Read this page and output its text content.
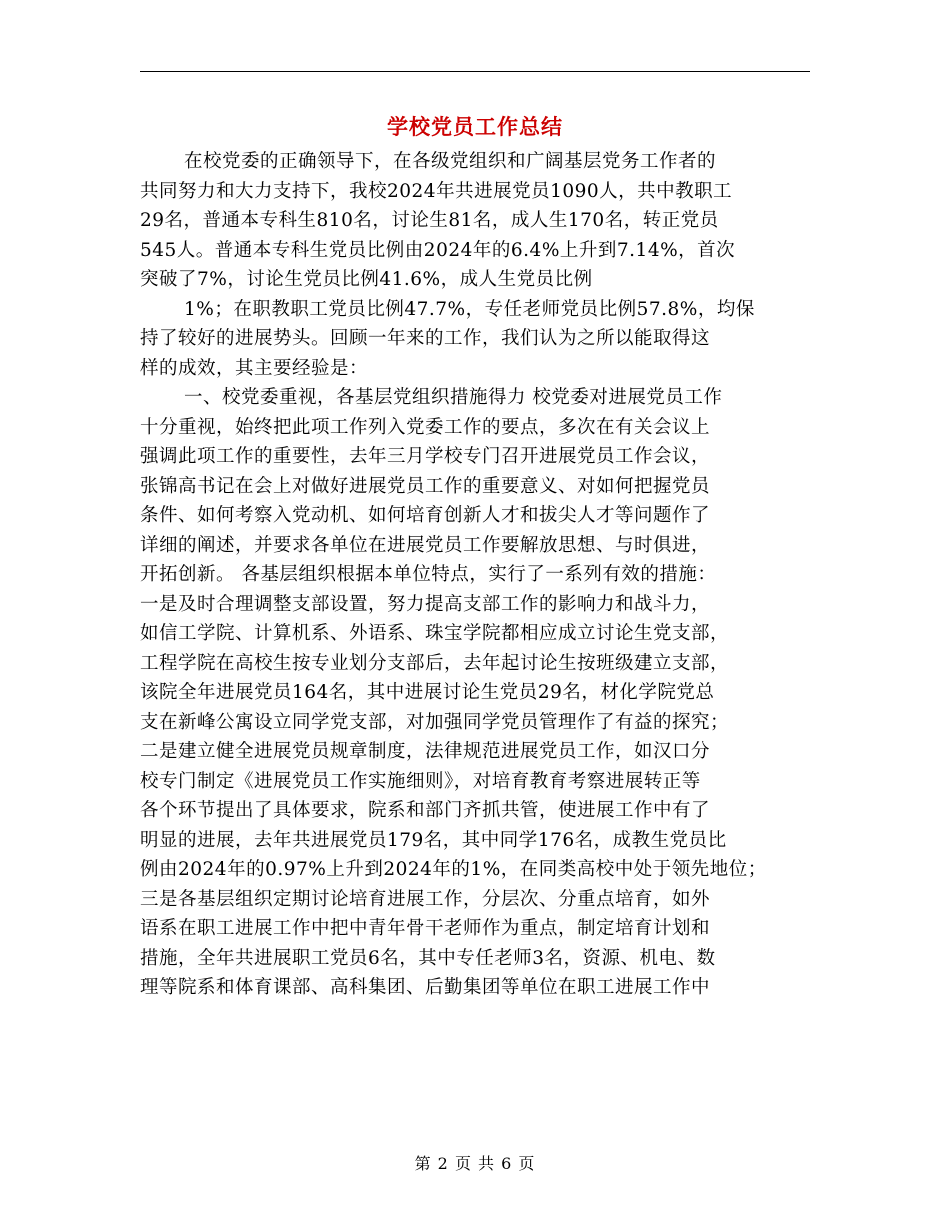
学校党员工作总结
在校党委的正确领导下，在各级党组织和广阔基层党务工作者的
共同努力和大力支持下，我校2024年共进展党员1090人，共中教职工
29名，普通本专科生810名，讨论生81名，成人生170名，转正党员
545人。普通本专科生党员比例由2024年的6.4%上升到7.14%，首次
突破了7%，讨论生党员比例41.6%，成人生党员比例
1%；在职教职工党员比例47.7%，专任老师党员比例57.8%，均保
持了较好的进展势头。回顾一年来的工作，我们认为之所以能取得这
样的成效，其主要经验是：
一、校党委重视，各基层党组织措施得力 校党委对进展党员工作
十分重视，始终把此项工作列入党委工作的要点，多次在有关会议上
强调此项工作的重要性，去年三月学校专门召开进展党员工作会议，
张锦高书记在会上对做好进展党员工作的重要意义、对如何把握党员
条件、如何考察入党动机、如何培育创新人才和拔尖人才等问题作了
详细的阐述，并要求各单位在进展党员工作要解放思想、与时俱进，
开拓创新。 各基层组织根据本单位特点，实行了一系列有效的措施：
一是及时合理调整支部设置，努力提高支部工作的影响力和战斗力，
如信工学院、计算机系、外语系、珠宝学院都相应成立讨论生党支部，
工程学院在高校生按专业划分支部后，去年起讨论生按班级建立支部，
该院全年进展党员164名，其中进展讨论生党员29名，材化学院党总
支在新峰公寓设立同学党支部，对加强同学党员管理作了有益的探究；
二是建立健全进展党员规章制度，法律规范进展党员工作，如汉口分
校专门制定《进展党员工作实施细则》，对培育教育考察进展转正等
各个环节提出了具体要求，院系和部门齐抓共管，使进展工作中有了
明显的进展，去年共进展党员179名，其中同学176名，成教生党员比
例由2024年的0.97%上升到2024年的1%，在同类高校中处于领先地位；
三是各基层组织定期讨论培育进展工作，分层次、分重点培育，如外
语系在职工进展工作中把中青年骨干老师作为重点，制定培育计划和
措施，全年共进展职工党员6名，其中专任老师3名，资源、机电、数
理等院系和体育课部、高科集团、后勤集团等单位在职工进展工作中
第 2 页 共 6 页
